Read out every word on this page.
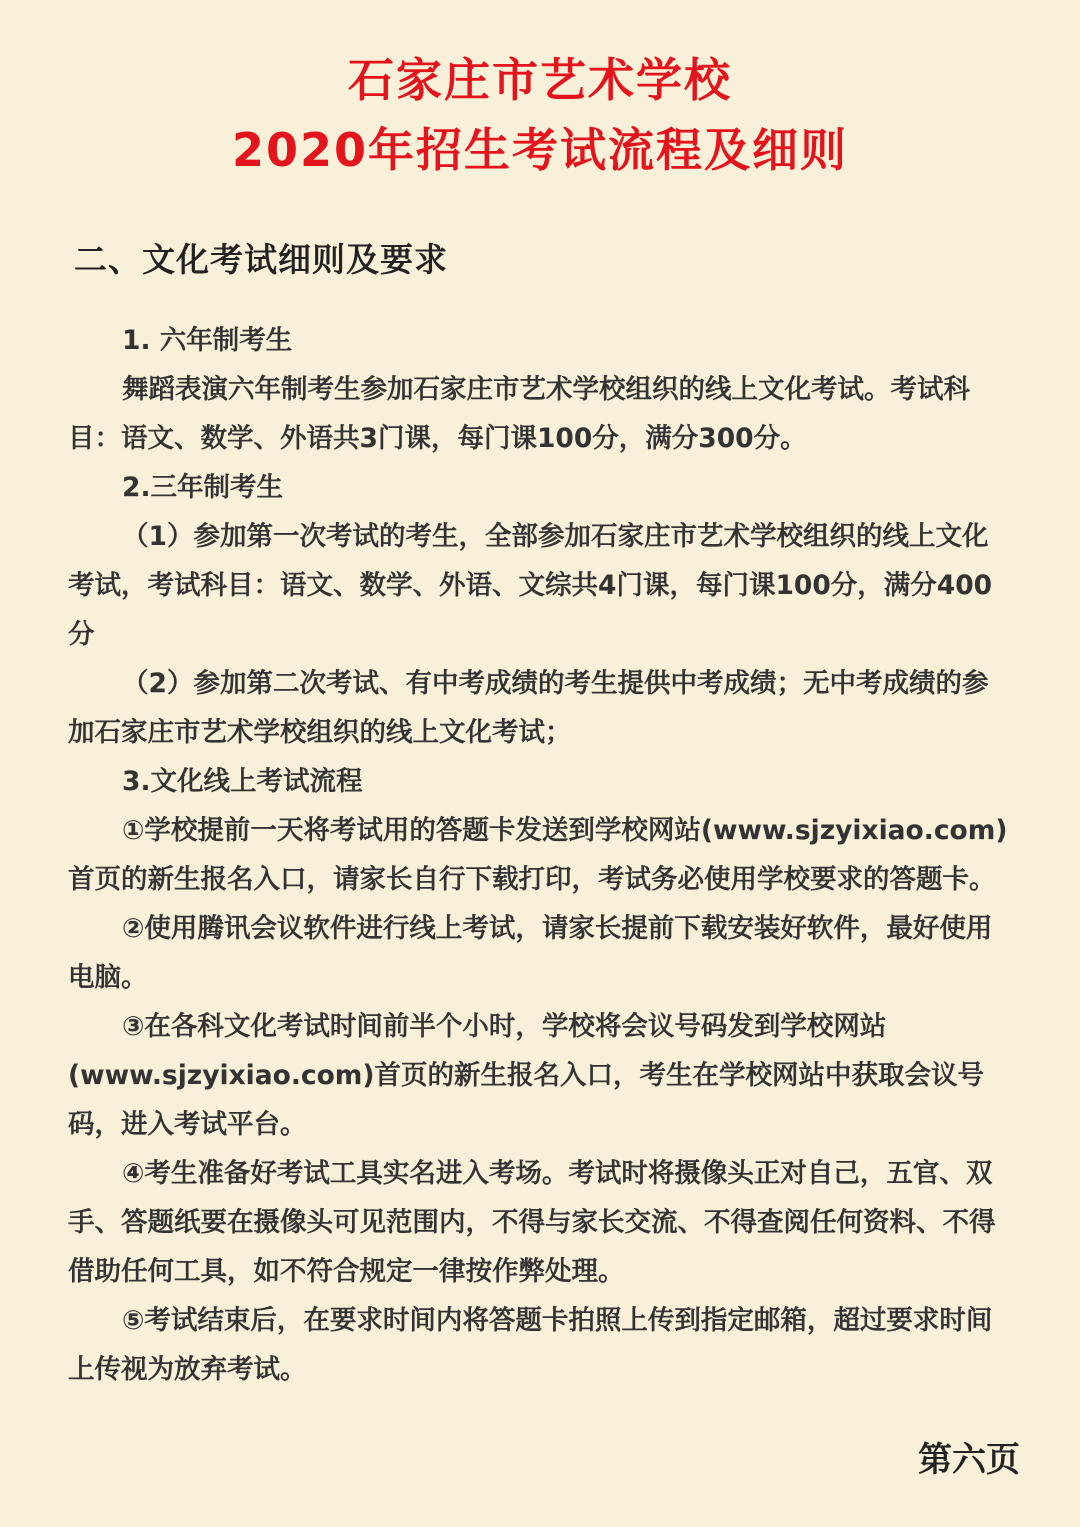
石家庄市艺术学校
2020年招生考试流程及细则
二、文化考试细则及要求

1. 六年制考生

舞蹈表演六年制考生参加石家庄市艺术学校组织的线上文化考试。考试科目：语文、数学、外语共3门课，每门课100分，满分300分。

2.三年制考生

（1）参加第一次考试的考生，全部参加石家庄市艺术学校组织的线上文化考试，考试科目：语文、数学、外语、文综共4门课，每门课100分，满分400分

（2）参加第二次考试、有中考成绩的考生提供中考成绩；无中考成绩的参加石家庄市艺术学校组织的线上文化考试；

3.文化线上考试流程

①学校提前一天将考试用的答题卡发送到学校网站(www.sjzyixiao.com)首页的新生报名入口，请家长自行下载打印，考试务必使用学校要求的答题卡。

②使用腾讯会议软件进行线上考试，请家长提前下载安装好软件，最好使用电脑。

③在各科文化考试时间前半个小时，学校将会议号码发到学校网站(www.sjzyixiao.com)首页的新生报名入口，考生在学校网站中获取会议号码，进入考试平台。

④考生准备好考试工具实名进入考场。考试时将摄像头正对自己，五官、双手、答题纸要在摄像头可见范围内，不得与家长交流、不得查阅任何资料、不得借助任何工具，如不符合规定一律按作弊处理。

⑤考试结束后，在要求时间内将答题卡拍照上传到指定邮箱，超过要求时间上传视为放弃考试。

第六页
